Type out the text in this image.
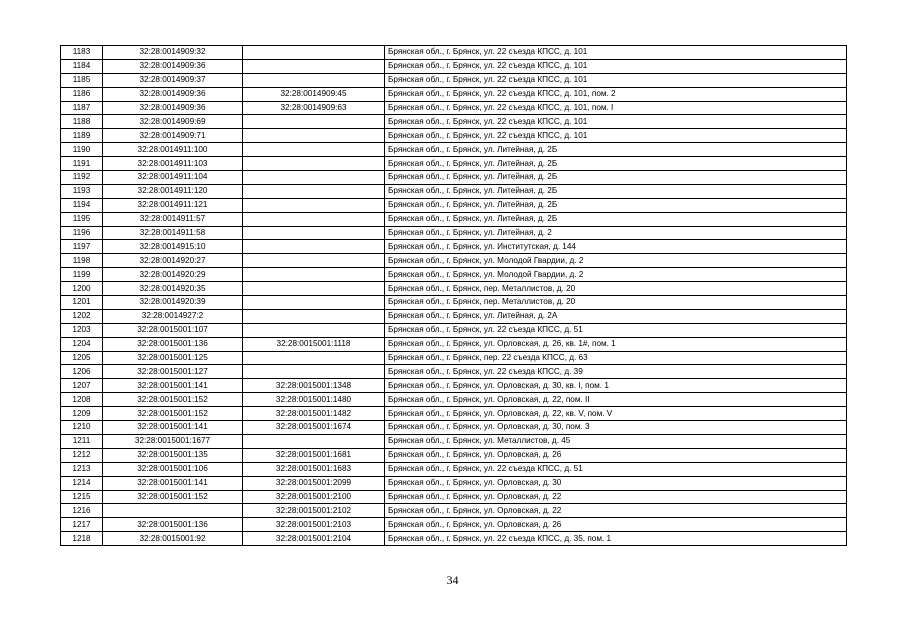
1183	32:28:0014909:32		Брянская обл., г. Брянск, ул. 22 съезда КПСС, д. 101
1184	32:28:0014909:36		Брянская обл., г. Брянск, ул. 22 съезда КПСС, д. 101
1185	32:28:0014909:37		Брянская обл., г. Брянск, ул. 22 съезда КПСС, д. 101
1186	32:28:0014909:36	32:28:0014909:45	Брянская обл., г. Брянск, ул. 22 съезда КПСС, д. 101, пом. 2
1187	32:28:0014909:36	32:28:0014909:63	Брянская обл., г. Брянск, ул. 22 съезда КПСС, д. 101, пом. I
1188	32:28:0014909:69		Брянская обл., г. Брянск, ул. 22 съезда КПСС, д. 101
1189	32:28:0014909:71		Брянская обл., г. Брянск, ул. 22 съезда КПСС, д. 101
1190	32:28:0014911:100		Брянская обл., г. Брянск, ул. Литейная, д. 2Б
1191	32:28:0014911:103		Брянская обл., г. Брянск, ул. Литейная, д. 2Б
1192	32:28:0014911:104		Брянская обл., г. Брянск, ул. Литейная, д. 2Б
1193	32:28:0014911:120		Брянская обл., г. Брянск, ул. Литейная, д. 2Б
1194	32:28:0014911:121		Брянская обл., г. Брянск, ул. Литейная, д. 2Б
1195	32:28:0014911:57		Брянская обл., г. Брянск, ул. Литейная, д. 2Б
1196	32:28:0014911:58		Брянская обл., г. Брянск, ул. Литейная, д. 2
1197	32:28:0014915:10		Брянская обл., г. Брянск, ул. Институтская, д. 144
1198	32:28:0014920:27		Брянская обл., г. Брянск, ул. Молодой Гвардии, д. 2
1199	32:28:0014920:29		Брянская обл., г. Брянск, ул. Молодой Гвардии, д. 2
1200	32:28:0014920:35		Брянская обл., г. Брянск, пер. Металлистов, д. 20
1201	32:28:0014920:39		Брянская обл., г. Брянск, пер. Металлистов, д. 20
1202	32:28:0014927:2		Брянская обл., г. Брянск, ул. Литейная, д. 2А
1203	32:28:0015001:107		Брянская обл., г. Брянск, ул. 22 съезда КПСС, д. 51
1204	32:28:0015001:136	32:28:0015001:1118	Брянская обл., г. Брянск, ул. Орловская, д. 26, кв. 1#, пом. 1
1205	32:28:0015001:125		Брянская обл., г. Брянск, пер. 22 съезда КПСС, д. 63
1206	32:28:0015001:127		Брянская обл., г. Брянск, ул. 22 съезда КПСС, д. 39
1207	32:28:0015001:141	32:28:0015001:1348	Брянская обл., г. Брянск, ул. Орловская, д. 30, кв. I, пом. 1
1208	32:28:0015001:152	32:28:0015001:1480	Брянская обл., г. Брянск, ул. Орловская, д. 22, пом. II
1209	32:28:0015001:152	32:28:0015001:1482	Брянская обл., г. Брянск, ул. Орловская, д. 22, кв. V, пом. V
1210	32:28:0015001:141	32:28:0015001:1674	Брянская обл., г. Брянск, ул. Орловская, д. 30, пом. 3
1211	32:28:0015001:1677		Брянская обл., г. Брянск, ул. Металлистов, д. 45
1212	32:28:0015001:135	32:28:0015001:1681	Брянская обл., г. Брянск, ул. Орловская, д. 26
1213	32:28:0015001:106	32:28:0015001:1683	Брянская обл., г. Брянск, ул. 22 съезда КПСС, д. 51
1214	32:28:0015001:141	32:28:0015001:2099	Брянская обл., г. Брянск, ул. Орловская, д. 30
1215	32:28:0015001:152	32:28:0015001:2100	Брянская обл., г. Брянск, ул. Орловская, д. 22
1216		32:28:0015001:2102	Брянская обл., г. Брянск, ул. Орловская, д. 22
1217	32:28:0015001:136	32:28:0015001:2103	Брянская обл., г. Брянск, ул. Орловская, д. 26
1218	32:28:0015001:92	32:28:0015001:2104	Брянская обл., г. Брянск, ул. 22 съезда КПСС, д. 35, пом. 1
34
